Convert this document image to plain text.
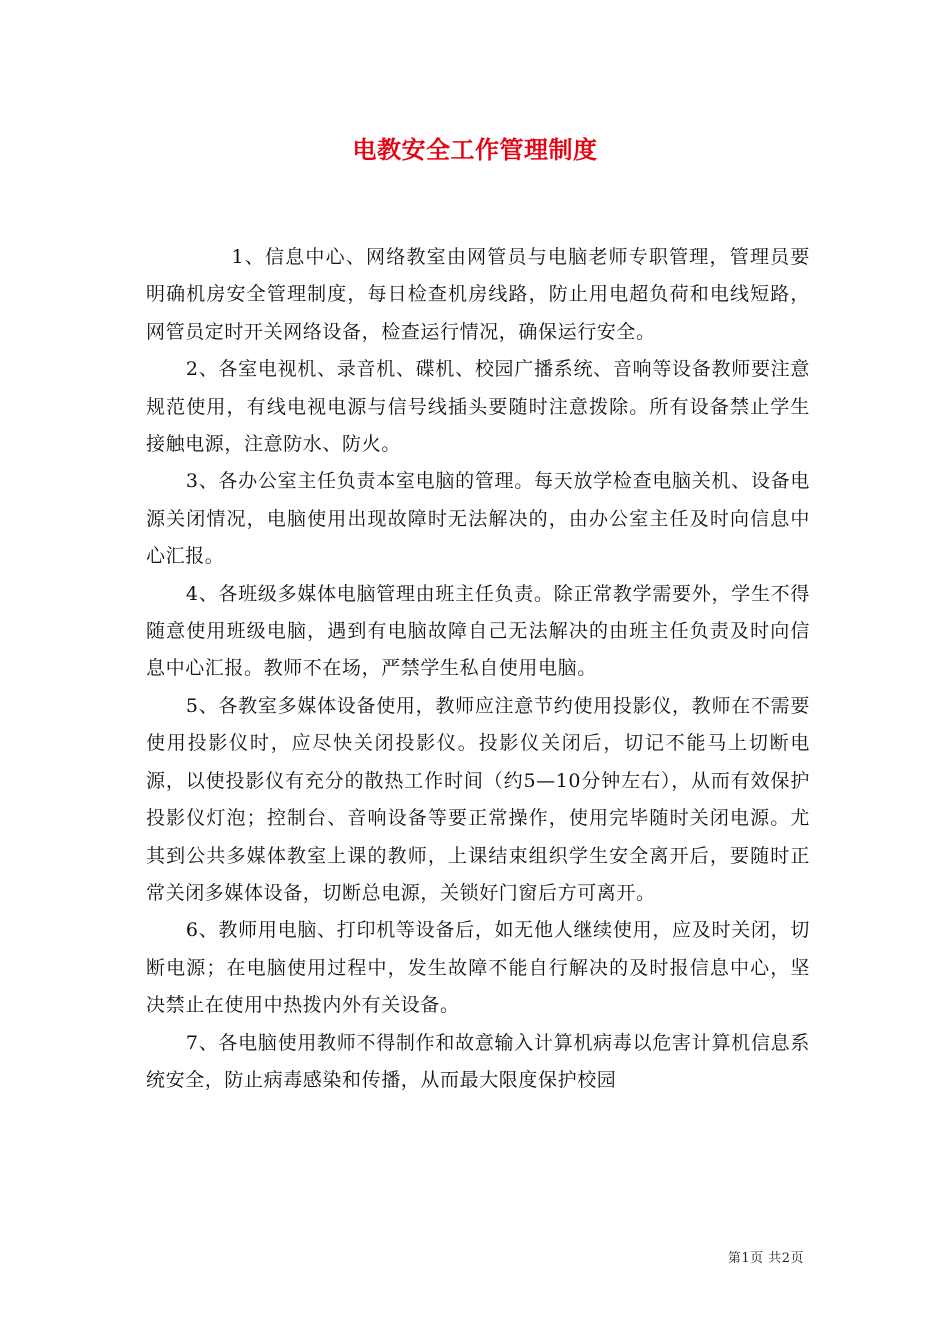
电教安全工作管理制度

1、信息中心、网络教室由网管员与电脑老师专职管理，管理员要明确机房安全管理制度，每日检查机房线路，防止用电超负荷和电线短路，网管员定时开关网络设备，检查运行情况，确保运行安全。

2、各室电视机、录音机、碟机、校园广播系统、音响等设备教师要注意规范使用，有线电视电源与信号线插头要随时注意拨除。所有设备禁止学生接触电源，注意防水、防火。

3、各办公室主任负责本室电脑的管理。每天放学检查电脑关机、设备电源关闭情况，电脑使用出现故障时无法解决的，由办公室主任及时向信息中心汇报。

4、各班级多媒体电脑管理由班主任负责。除正常教学需要外，学生不得随意使用班级电脑，遇到有电脑故障自己无法解决的由班主任负责及时向信息中心汇报。教师不在场，严禁学生私自使用电脑。

5、各教室多媒体设备使用，教师应注意节约使用投影仪，教师在不需要使用投影仪时，应尽快关闭投影仪。投影仪关闭后，切记不能马上切断电源，以使投影仪有充分的散热工作时间（约5—10分钟左右），从而有效保护投影仪灯泡；控制台、音响设备等要正常操作，使用完毕随时关闭电源。尤其到公共多媒体教室上课的教师，上课结束组织学生安全离开后，要随时正常关闭多媒体设备，切断总电源，关锁好门窗后方可离开。

6、教师用电脑、打印机等设备后，如无他人继续使用，应及时关闭，切断电源；在电脑使用过程中，发生故障不能自行解决的及时报信息中心，坚决禁止在使用中热拨内外有关设备。

7、各电脑使用教师不得制作和故意输入计算机病毒以危害计算机信息系统安全，防止病毒感染和传播，从而最大限度保护校园

第1页 共2页
